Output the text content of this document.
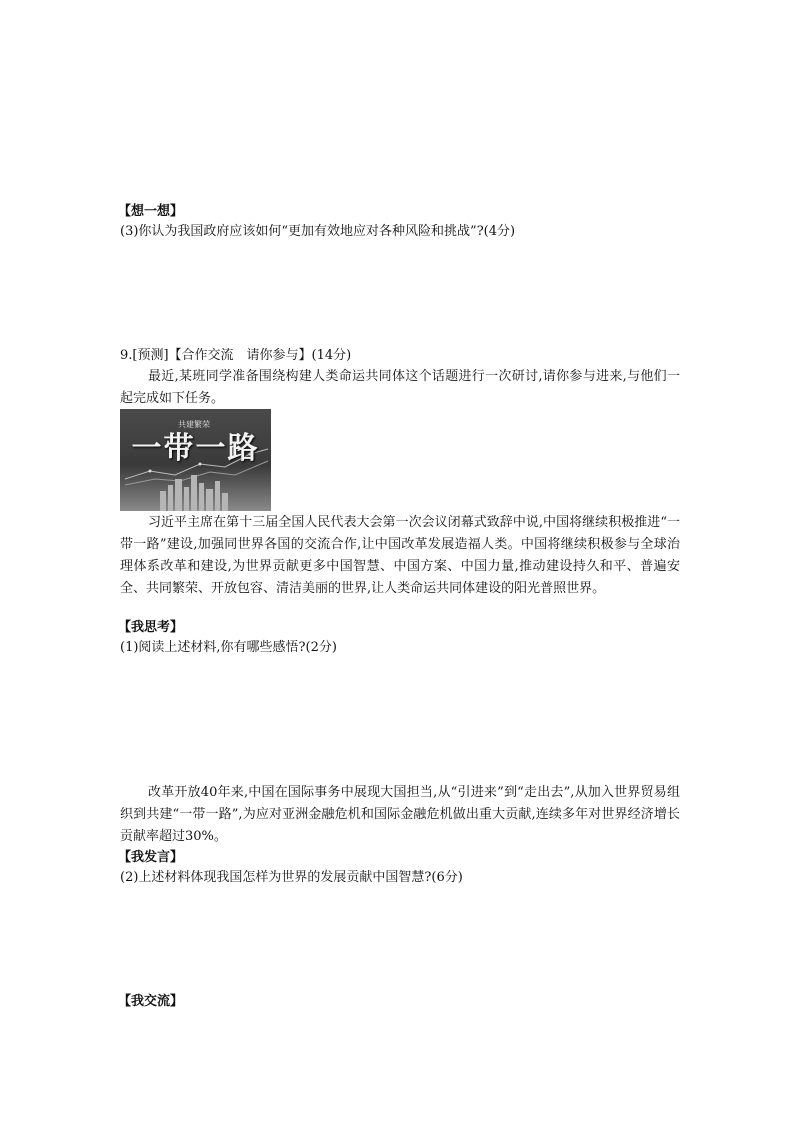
【想一想】
(3)你认为我国政府应该如何“更加有效地应对各种风险和挑战”?(4分)
9.[预测]【合作交流　请你参与】(14分)

最近,某班同学准备围绕构建人类命运共同体这个话题进行一次研讨,请你参与进来,与他们一起完成如下任务。

一带一路
共建繁荣

习近平主席在第十三届全国人民代表大会第一次会议闭幕式致辞中说,中国将继续积极推进“一带一路”建设,加强同世界各国的交流合作,让中国改革发展造福人类。中国将继续积极参与全球治理体系改革和建设,为世界贡献更多中国智慧、中国方案、中国力量,推动建设持久和平、普遍安全、共同繁荣、开放包容、清洁美丽的世界,让人类命运共同体建设的阳光普照世界。

【我思考】
(1)阅读上述材料,你有哪些感悟?(2分)

改革开放40年来,中国在国际事务中展现大国担当,从“引进来”到“走出去”,从加入世界贸易组织到共建“一带一路”,为应对亚洲金融危机和国际金融危机做出重大贡献,连续多年对世界经济增长贡献率超过30%。

【我发言】
(2)上述材料体现我国怎样为世界的发展贡献中国智慧?(6分)
【我交流】
